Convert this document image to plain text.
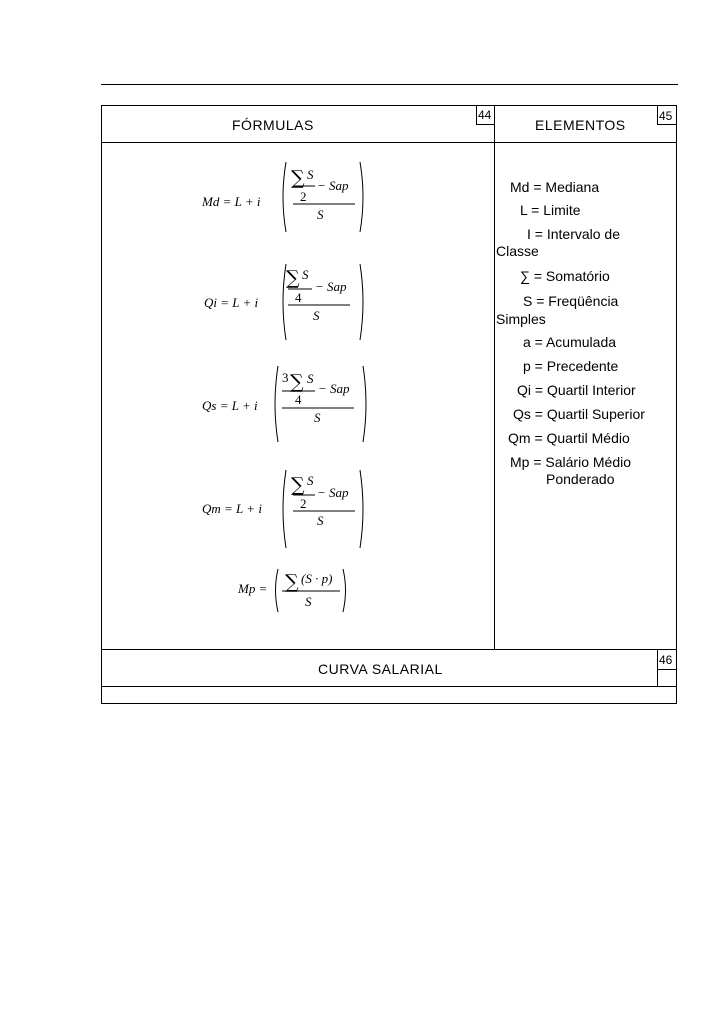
44	45
46
FÓRMULAS	ELEMENTOS
CURVA SALARIAL
Md = Mediana
L = Limite
I = Intervalo de
Classe
∑ = Somatório
S = Freqüência
Simples
a = Acumulada
p = Precedente
Qi = Quartil Interior
Qs = Quartil Superior
Qm = Quartil Médio
Mp = Salário Médio
Ponderado
Md = L + i
∑ S
− Sap
2
S
Qi = L + i
∑ S
− Sap
4
S
Qs = L + i
3 ∑ S
− Sap
4
S
Qm = L + i
∑ S
− Sap
2
S
Mp = ∑ (S · p)
S
